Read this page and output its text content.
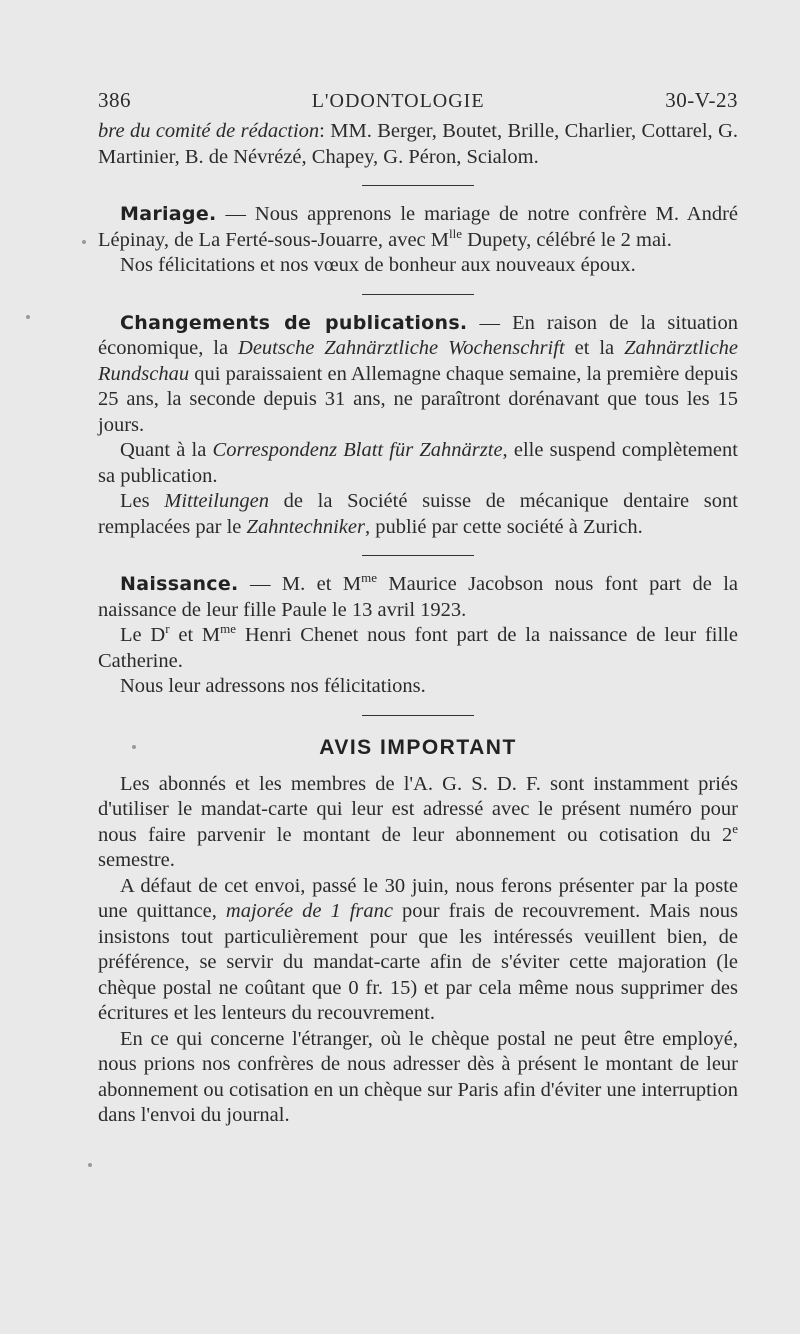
386	L'ODONTOLOGIE	30-V-23

bre du comité de rédaction: MM. Berger, Boutet, Brille, Charlier, Cottarel, G. Martinier, B. de Névrézé, Chapey, G. Péron, Scialom.

Mariage. — Nous apprenons le mariage de notre confrère M. André Lépinay, de La Ferté-sous-Jouarre, avec $M^{lle}$ Dupety, célébré le 2 mai.

Nos félicitations et nos vœux de bonheur aux nouveaux époux.

Changements de publications. — En raison de la situation économique, la Deutsche Zahnärztliche Wochenschrift et la Zahnärztliche Rundschau qui paraissaient en Allemagne chaque semaine, la première depuis 25 ans, la seconde depuis 31 ans, ne paraîtront dorénavant que tous les 15 jours.

Quant à la Correspondenz Blatt für Zahnärzte, elle suspend complètement sa publication.

Les Mitteilungen de la Société suisse de mécanique dentaire sont remplacées par le Zahntechniker, publié par cette société à Zurich.

Naissance. — M. et $M^{me}$ Maurice Jacobson nous font part de la naissance de leur fille Paule le 13 avril 1923.

Le $D^r$ et $M^{me}$ Henri Chenet nous font part de la naissance de leur fille Catherine.

Nous leur adressons nos félicitations.

AVIS IMPORTANT

Les abonnés et les membres de l'A. G. S. D. F. sont instamment priés d'utiliser le mandat-carte qui leur est adressé avec le présent numéro pour nous faire parvenir le montant de leur abonnement ou cotisation du 2e semestre.

A défaut de cet envoi, passé le 30 juin, nous ferons présenter par la poste une quittance, majorée de 1 franc pour frais de recouvrement. Mais nous insistons tout particulièrement pour que les intéressés veuillent bien, de préférence, se servir du mandat-carte afin de s'éviter cette majoration (le chèque postal ne coûtant que 0 fr. 15) et par cela même nous supprimer des écritures et les lenteurs du recouvrement.

En ce qui concerne l'étranger, où le chèque postal ne peut être employé, nous prions nos confrères de nous adresser dès à présent le montant de leur abonnement ou cotisation en un chèque sur Paris afin d'éviter une interruption dans l'envoi du journal.
